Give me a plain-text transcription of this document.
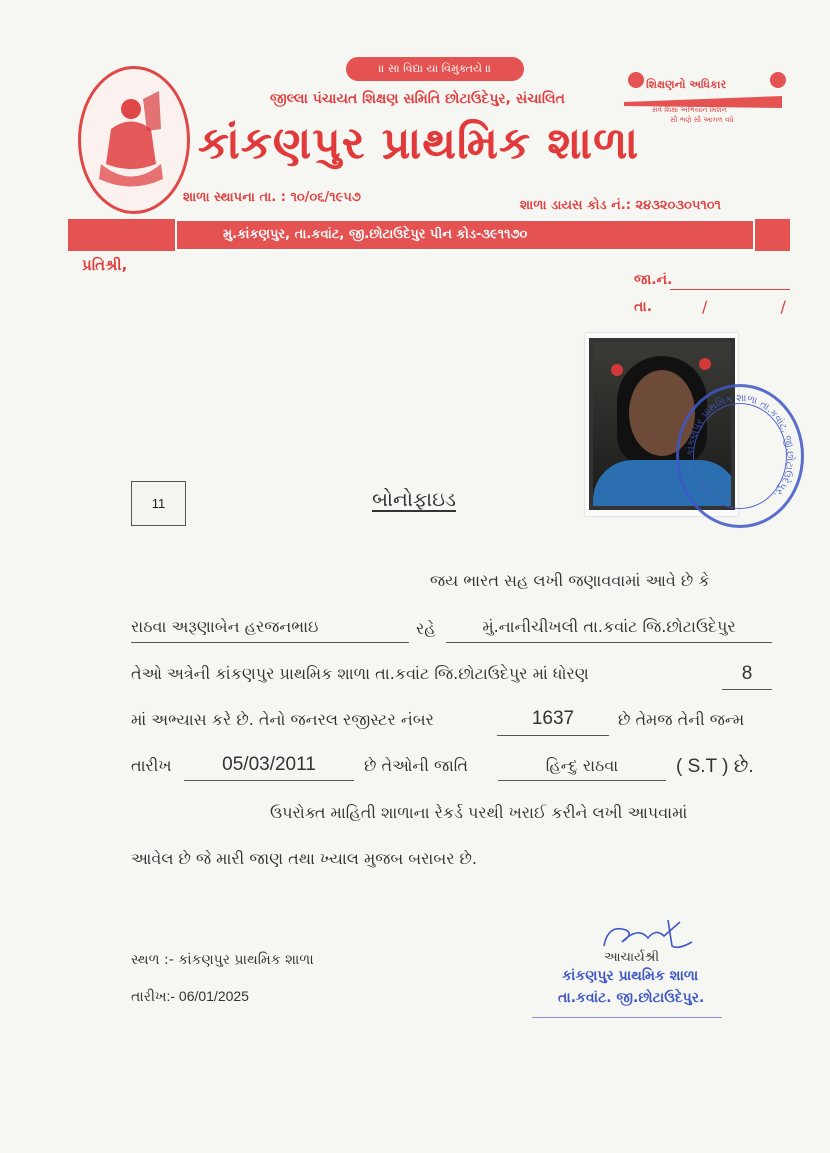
॥ સા વિદ્યા યા વિમુક્તયે ॥
શિક્ષણનો અધિકાર
સર્વ શિક્ષા અભિયાન મિશન
સૌ ભણે સૌ આગળ વધે
જીલ્લા પંચાયત શિક્ષણ સમિતિ છોટાઉદેપુર, સંચાલિત
કાંકણપુર પ્રાથમિક શાળા
શાળા સ્થાપના તા. : ૧૦/૦૬/૧૯૫૭
શાળા ડાયસ કોડ નં.: ૨૪૩૨૦૩૦૫૧૦૧
મુ.કાંકણપુર, તા.કવાંટ, જી.છોટાઉદેપુર પીન કોડ-૩૯૧૧૭૦
પ્રતિશ્રી,
જા.નં.
તા.	/ /
કાંકણપુર પ્રાથમિક શાળા તા.કવાંટ, જી.છોટાઉદેપુર.
11	બોનોફાઇડ
જય ભારત સહ લખી જણાવવામાં આવે છે કે
રાઠવા અરૂણાબેન હરજનભાઇ	રહે	મું.નાનીચીખલી તા.કવાંટ જિ.છોટાઉદેપુર
તેઓ અત્રેની કાંકણપુર પ્રાથમિક શાળા તા.કવાંટ જિ.છોટાઉદેપુર માં ધોરણ	8
માં અભ્યાસ કરે છે. તેનો જનરલ રજીસ્ટર નંબર	1637	છે તેમજ તેની જન્મ
તારીખ	05/03/2011	છે તેઓની જાતિ	હિન્દુ રાઠવા	( S.T ) છે.
ઉપરોક્ત માહિતી શાળાના રેકર્ડ પરથી ખરાઈ કરીને લખી આપવામાં
આવેલ છે જે મારી જાણ તથા ખ્યાલ મુજબ બરાબર છે.
સ્થળ :- કાંકણપુર પ્રાથમિક શાળા
તારીખ:- 06/01/2025
આચાર્યશ્રી
કાંકણપુર પ્રાથમિક શાળા
તા.કવાંટ. જી.છોટાઉદેપુર.
